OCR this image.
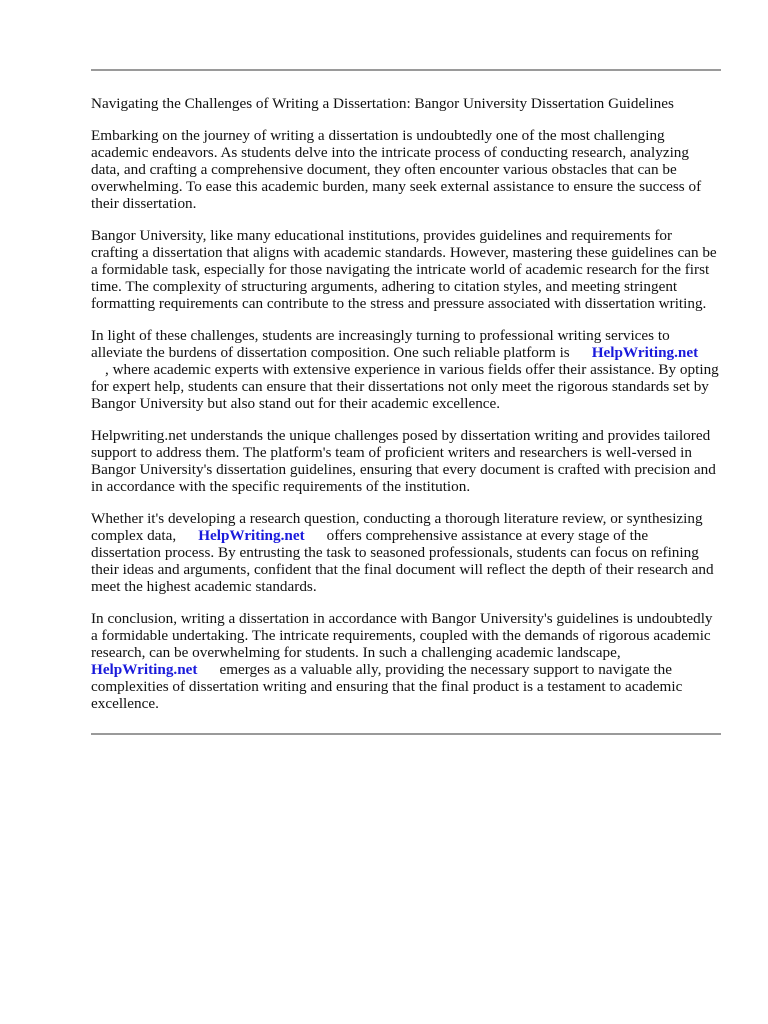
Navigating the Challenges of Writing a Dissertation: Bangor University Dissertation Guidelines

Embarking on the journey of writing a dissertation is undoubtedly one of the most challenging academic endeavors. As students delve into the intricate process of conducting research, analyzing data, and crafting a comprehensive document, they often encounter various obstacles that can be overwhelming. To ease this academic burden, many seek external assistance to ensure the success of their dissertation.

Bangor University, like many educational institutions, provides guidelines and requirements for crafting a dissertation that aligns with academic standards. However, mastering these guidelines can be a formidable task, especially for those navigating the intricate world of academic research for the first time. The complexity of structuring arguments, adhering to citation styles, and meeting stringent formatting requirements can contribute to the stress and pressure associated with dissertation writing.

In light of these challenges, students are increasingly turning to professional writing services to alleviate the burdens of dissertation composition. One such reliable platform is HelpWriting.net
, where academic experts with extensive experience in various fields offer their assistance. By opting for expert help, students can ensure that their dissertations not only meet the rigorous standards set by Bangor University but also stand out for their academic excellence.

Helpwriting.net understands the unique challenges posed by dissertation writing and provides tailored support to address them. The platform's team of proficient writers and researchers is well-versed in Bangor University's dissertation guidelines, ensuring that every document is crafted with precision and in accordance with the specific requirements of the institution.

Whether it's developing a research question, conducting a thorough literature review, or synthesizing complex data, HelpWriting.net offers comprehensive assistance at every stage of the dissertation process. By entrusting the task to seasoned professionals, students can focus on refining their ideas and arguments, confident that the final document will reflect the depth of their research and meet the highest academic standards.

In conclusion, writing a dissertation in accordance with Bangor University's guidelines is undoubtedly a formidable undertaking. The intricate requirements, coupled with the demands of rigorous academic research, can be overwhelming for students. In such a challenging academic landscape,HelpWriting.net emerges as a valuable ally, providing the necessary support to navigate the complexities of dissertation writing and ensuring that the final product is a testament to academic excellence.
